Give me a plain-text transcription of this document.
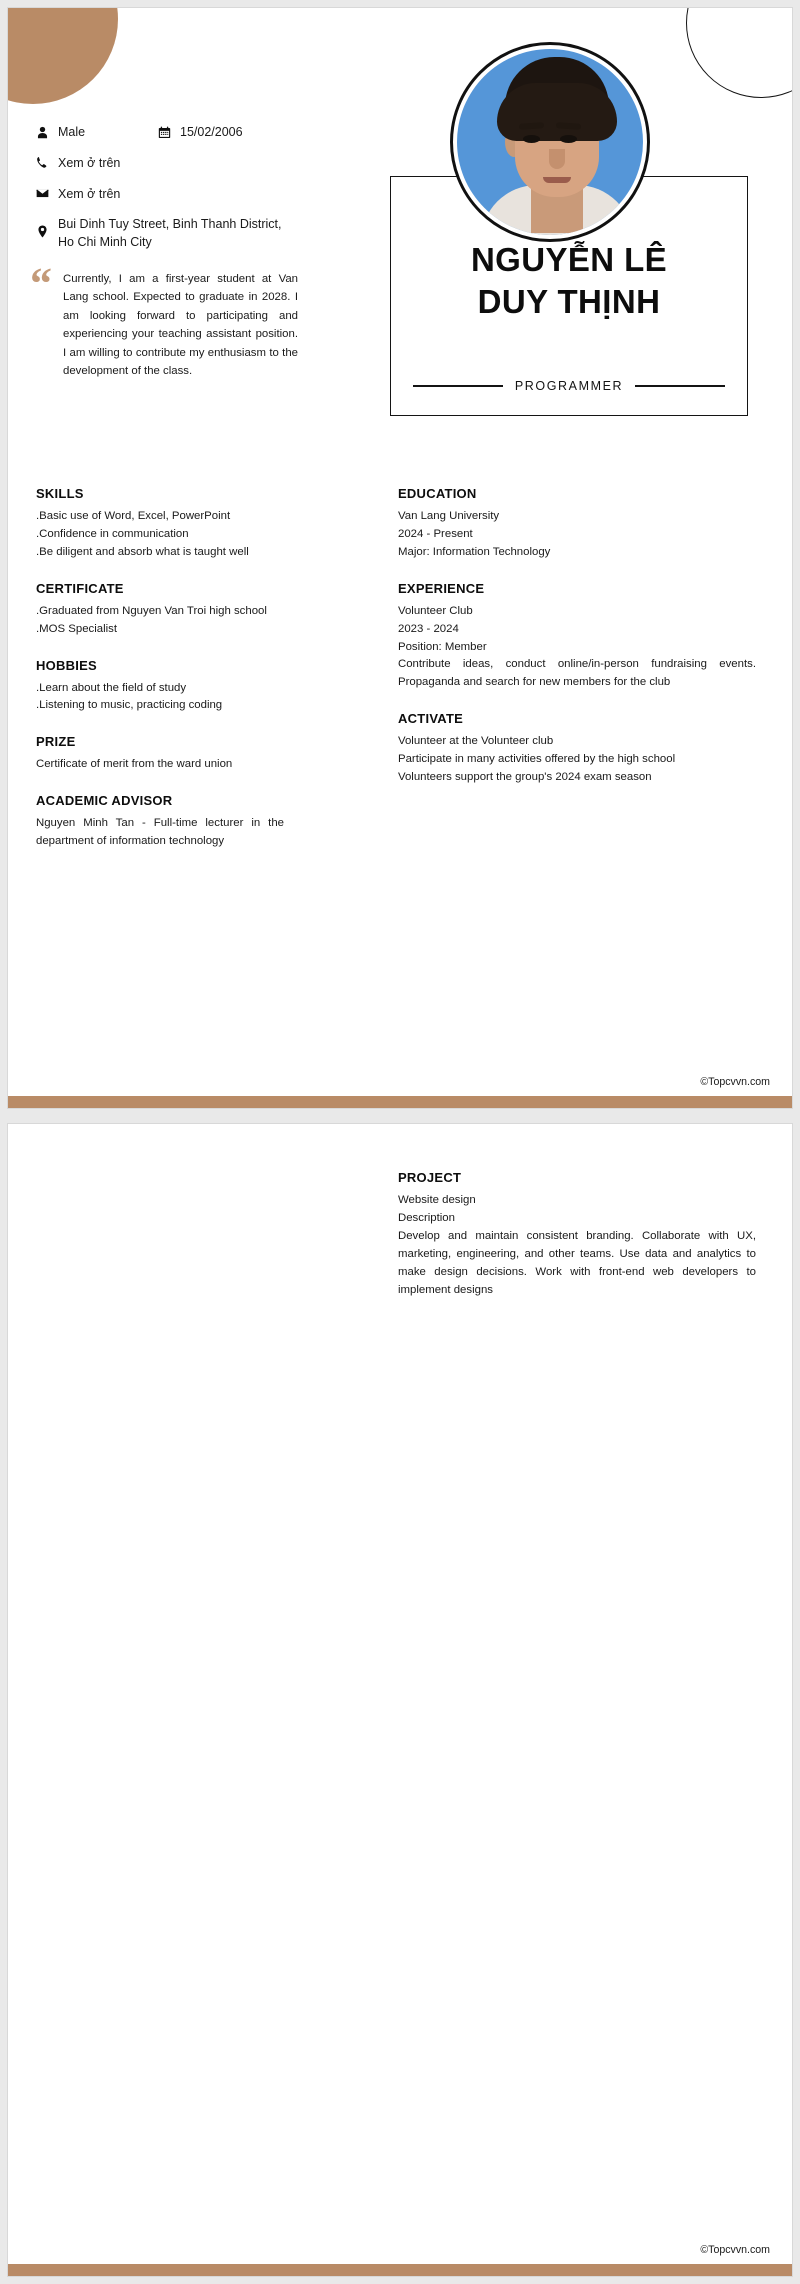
Male	15/02/2006
Xem ở trên
Xem ở trên
Bui Dinh Tuy Street, Binh Thanh District, Ho Chi Minh City
“ Currently, I am a first-year student at Van Lang school. Expected to graduate in 2028. I am looking forward to participating and experiencing your teaching assistant position. I am willing to contribute my enthusiasm to the development of the class.
NGUYỄN LÊ
DUY THỊNH
PROGRAMMER
SKILLS
.Basic use of Word, Excel, PowerPoint
.Confidence in communication
.Be diligent and absorb what is taught well
CERTIFICATE
.Graduated from Nguyen Van Troi high school
.MOS Specialist
HOBBIES
.Learn about the field of study
.Listening to music, practicing coding
PRIZE
Certificate of merit from the ward union
ACADEMIC ADVISOR
Nguyen Minh Tan - Full-time lecturer in the department of information technology
EDUCATION
Van Lang University
2024 - Present
Major: Information Technology
EXPERIENCE
Volunteer Club
2023 - 2024
Position: Member
Contribute ideas, conduct online/in-person fundraising events. Propaganda and search for new members for the club
ACTIVATE
Volunteer at the Volunteer club
Participate in many activities offered by the high school
Volunteers support the group's 2024 exam season
©Topcvvn.com
PROJECT
Website design
Description
Develop and maintain consistent branding. Collaborate with UX, marketing, engineering, and other teams. Use data and analytics to make design decisions. Work with front-end web developers to implement designs
©Topcvvn.com
